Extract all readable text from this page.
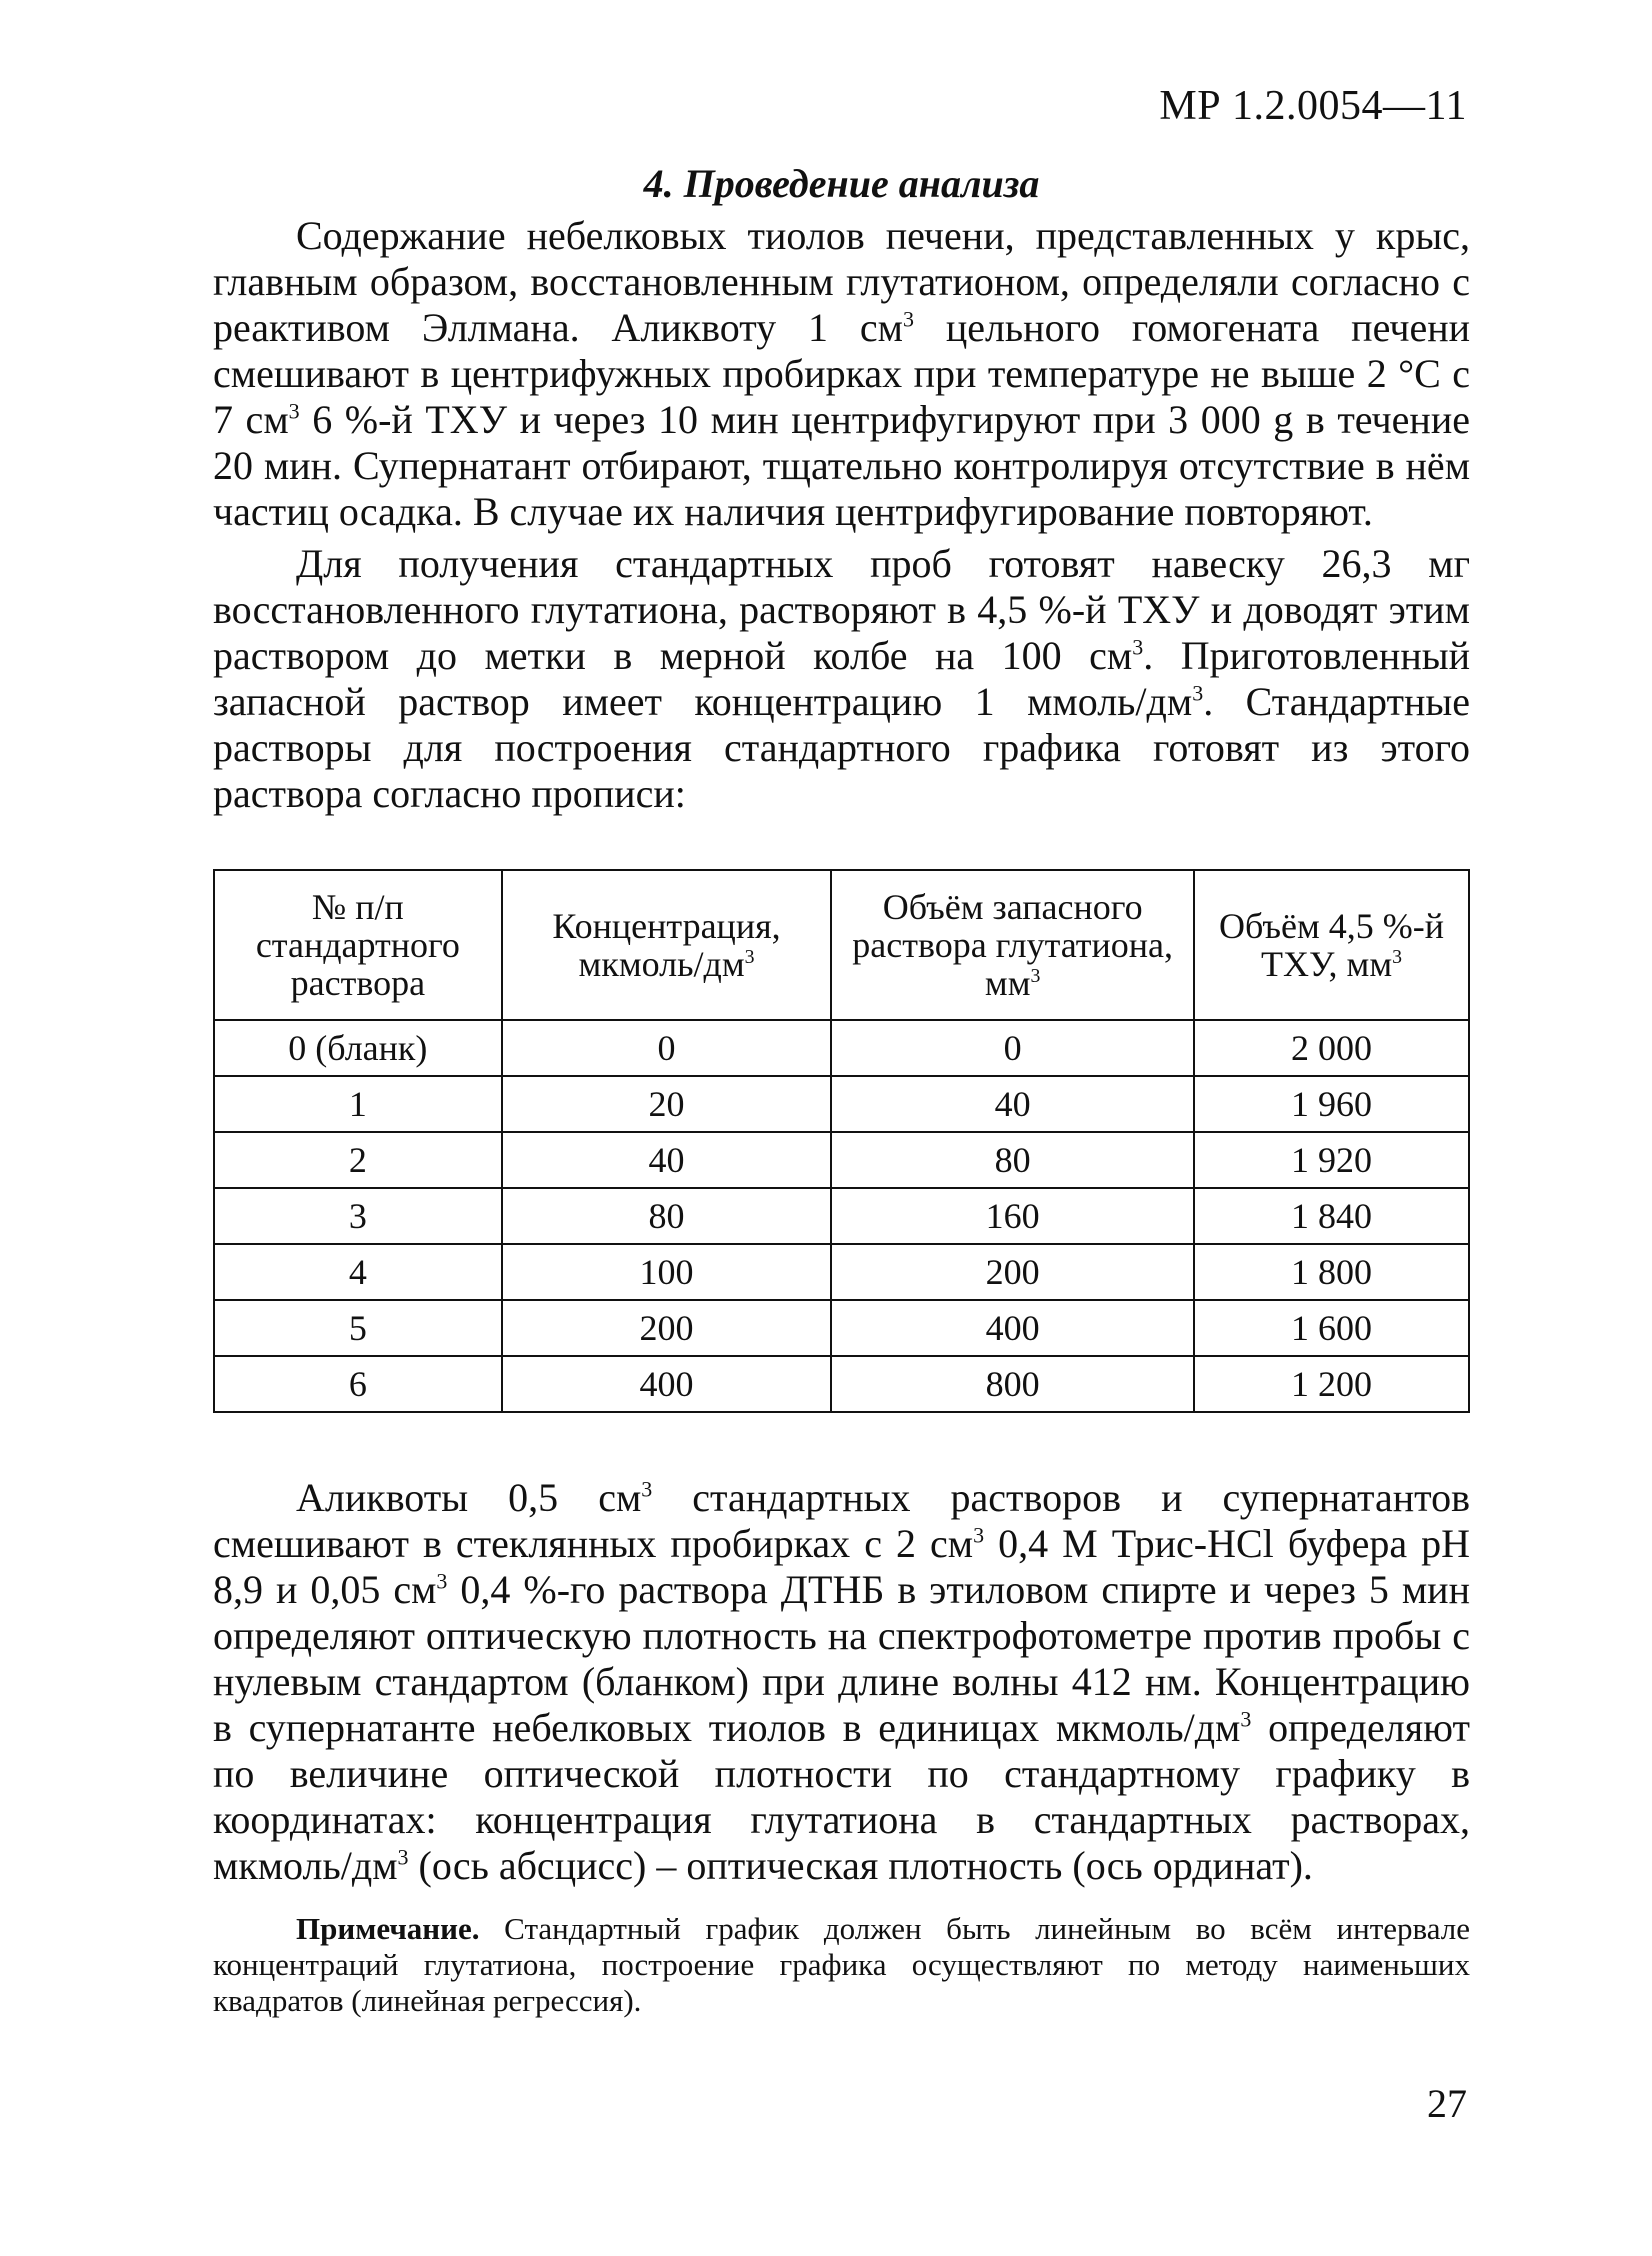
МР 1.2.0054—11
4. Проведение анализа

Содержание небелковых тиолов печени, представленных у крыс, главным образом, восстановленным глутатионом, определяли согласно с реактивом Эллмана. Аликвоту 1 $см^3$ цельного гомогената печени смешивают в центрифужных пробирках при температуре не выше 2 °С с 7 $см^3$ 6 %-й ТХУ и через 10 мин центрифугируют при 3 000 g в течение 20 мин. Супернатант отбирают, тщательно контролируя отсутствие в нём частиц осадка. В случае их наличия центрифугирование повторяют.

Для получения стандартных проб готовят навеску 26,3 мг восстановленного глутатиона, растворяют в 4,5 %-й ТХУ и доводят этим раствором до метки в мерной колбе на 100 $см^3$. Приготовленный запасной раствор имеет концентрацию 1 ммоль/$дм^3$. Стандартные растворы для построения стандартного графика готовят из этого раствора согласно прописи:

№ п/п стандартного раствора	Концентрация, мкмоль/$дм^3$	Объём запасного раствора глутатиона, $мм^3$	Объём 4,5 %-й ТХУ, $мм^3$
0 (бланк)	0	0	2 000
1	20	40	1 960
2	40	80	1 920
3	80	160	1 840
4	100	200	1 800
5	200	400	1 600
6	400	800	1 200

Аликвоты 0,5 $см^3$ стандартных растворов и супернатантов смешивают в стеклянных пробирках с 2 $см^3$ 0,4 М Трис-HCl буфера pH 8,9 и 0,05 $см^3$ 0,4 %-го раствора ДТНБ в этиловом спирте и через 5 мин определяют оптическую плотность на спектрофотометре против пробы с нулевым стандартом (бланком) при длине волны 412 нм. Концентрацию в супернатанте небелковых тиолов в единицах мкмоль/$дм^3$ определяют по величине оптической плотности по стандартному графику в координатах: концентрация глутатиона в стандартных растворах, мкмоль/$дм^3$ (ось абсцисс) – оптическая плотность (ось ординат).

Примечание. Стандартный график должен быть линейным во всём интервале концентраций глутатиона, построение графика осуществляют по методу наименьших квадратов (линейная регрессия).

27
